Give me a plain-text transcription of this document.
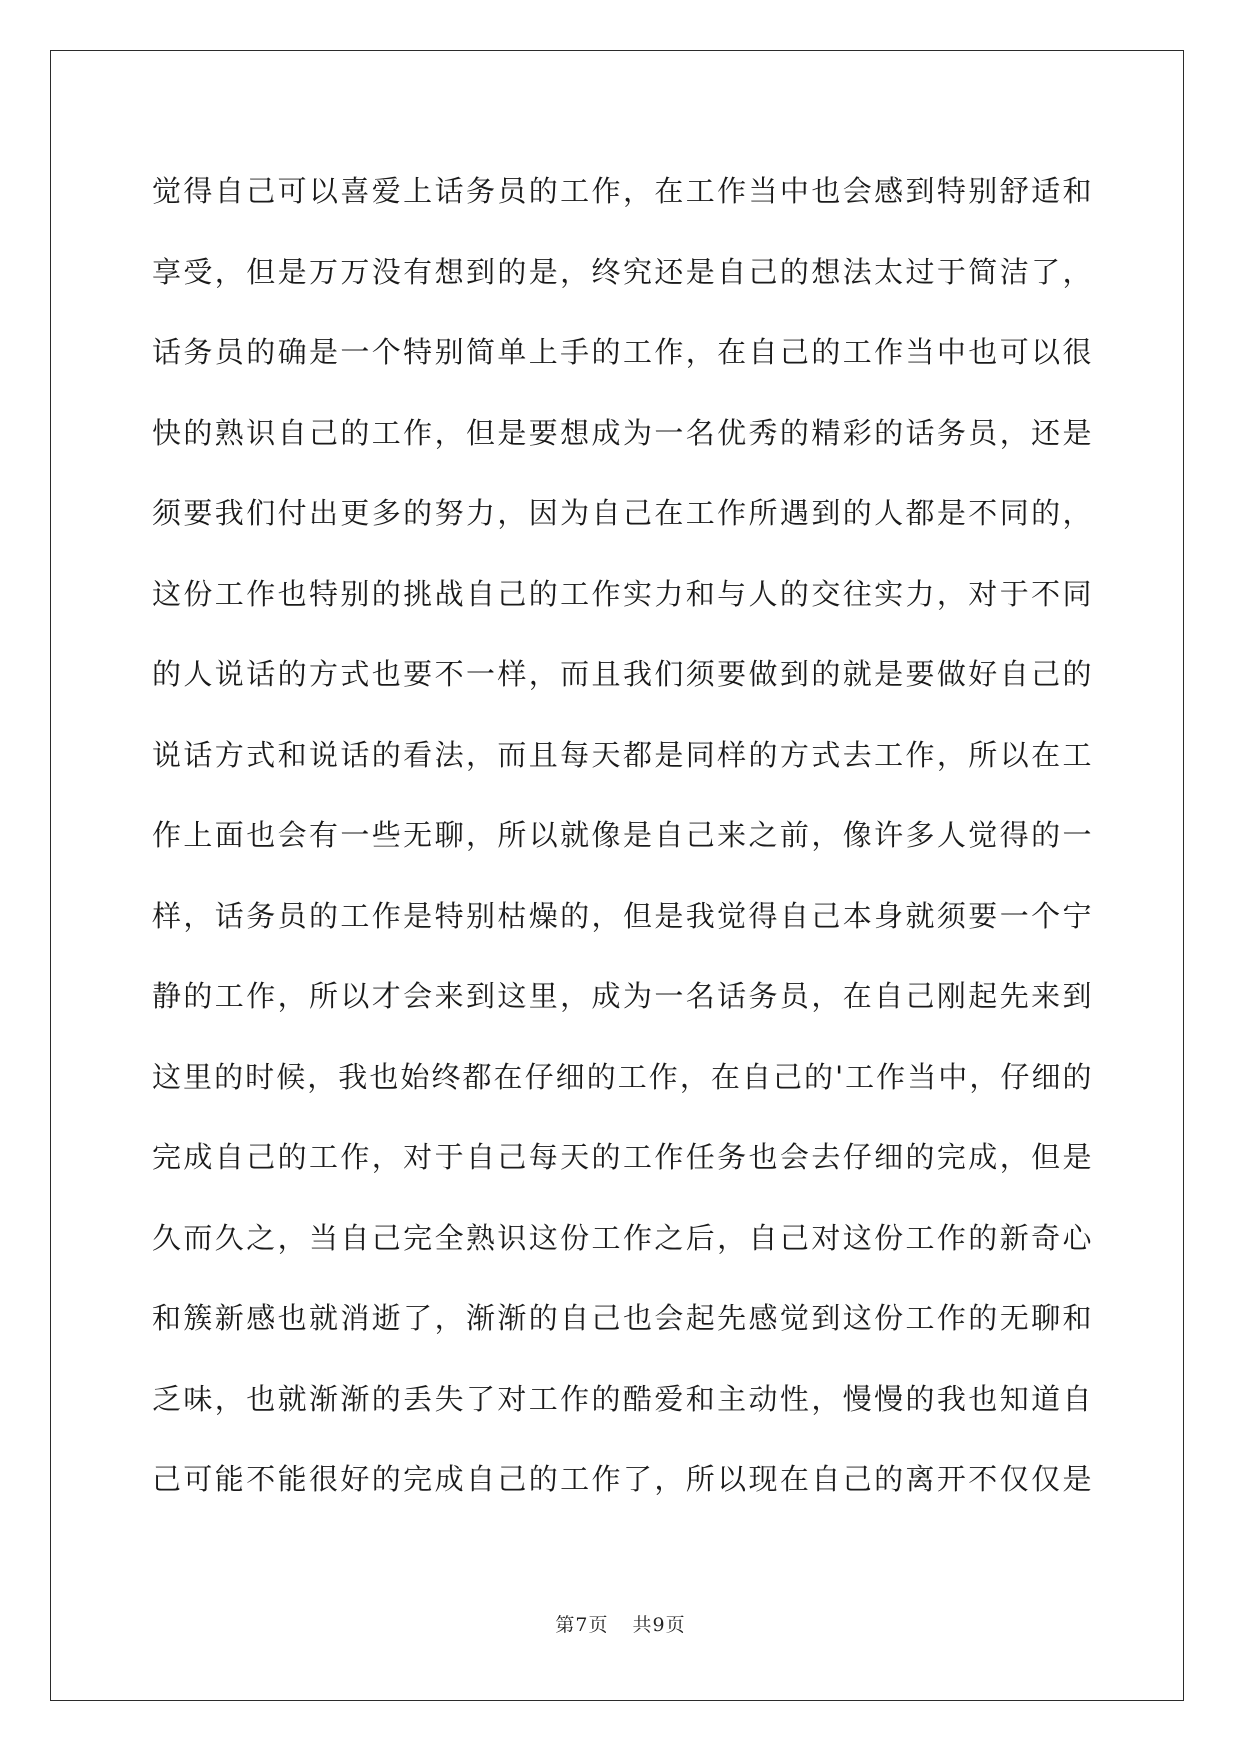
觉得自己可以喜爱上话务员的工作，在工作当中也会感到特别舒适和
享受，但是万万没有想到的是，终究还是自己的想法太过于简洁了，
话务员的确是一个特别简单上手的工作，在自己的工作当中也可以很
快的熟识自己的工作，但是要想成为一名优秀的精彩的话务员，还是
须要我们付出更多的努力，因为自己在工作所遇到的人都是不同的，
这份工作也特别的挑战自己的工作实力和与人的交往实力，对于不同
的人说话的方式也要不一样，而且我们须要做到的就是要做好自己的
说话方式和说话的看法，而且每天都是同样的方式去工作，所以在工
作上面也会有一些无聊，所以就像是自己来之前，像许多人觉得的一
样，话务员的工作是特别枯燥的，但是我觉得自己本身就须要一个宁
静的工作，所以才会来到这里，成为一名话务员，在自己刚起先来到
这里的时候，我也始终都在仔细的工作，在自己的'工作当中，仔细的
完成自己的工作，对于自己每天的工作任务也会去仔细的完成，但是
久而久之，当自己完全熟识这份工作之后，自己对这份工作的新奇心
和簇新感也就消逝了，渐渐的自己也会起先感觉到这份工作的无聊和
乏味，也就渐渐的丢失了对工作的酷爱和主动性，慢慢的我也知道自
己可能不能很好的完成自己的工作了，所以现在自己的离开不仅仅是
第7页 共9页
